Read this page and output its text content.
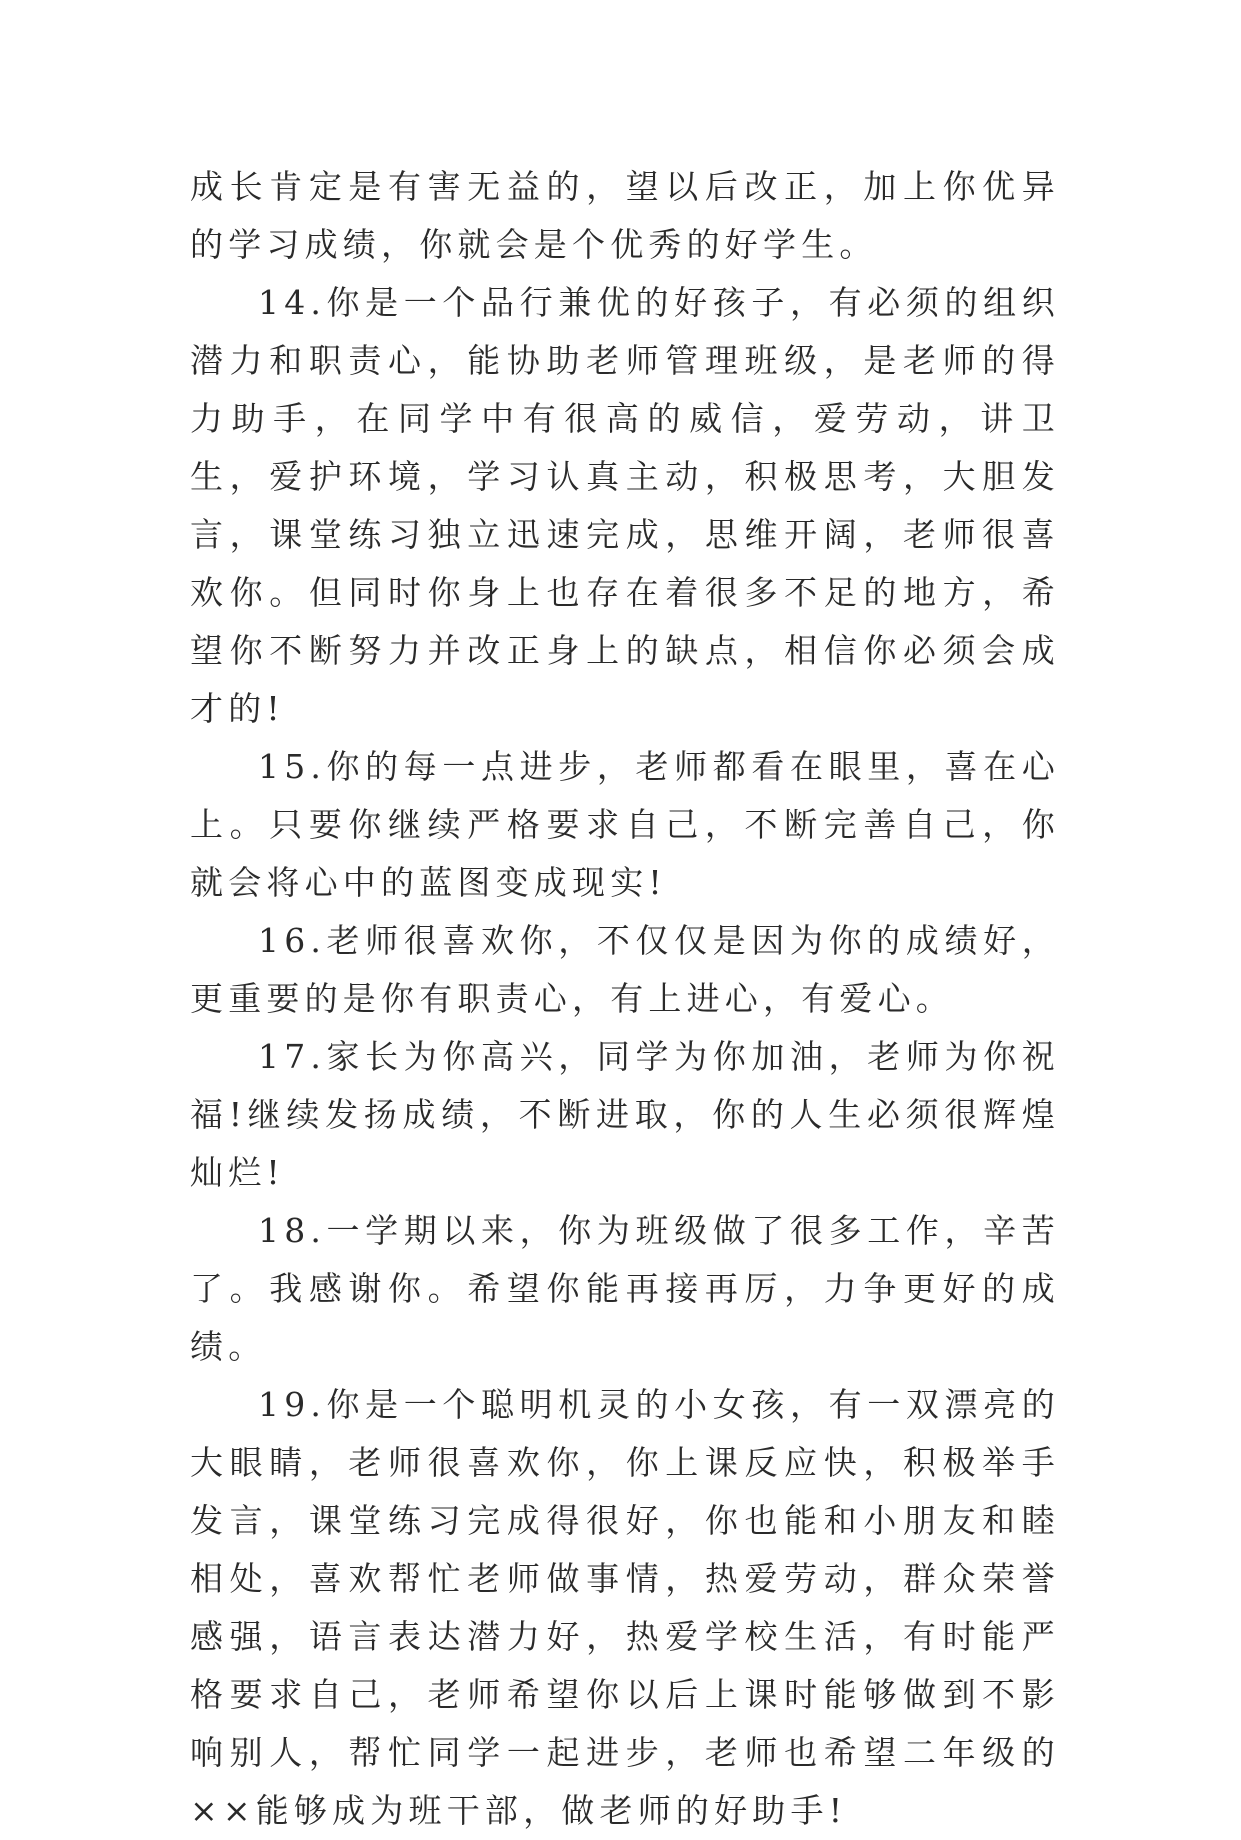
成长肯定是有害无益的，望以后改正，加上你优异的学习成绩，你就会是个优秀的好学生。

14.你是一个品行兼优的好孩子，有必须的组织潜力和职责心，能协助老师管理班级，是老师的得力助手，在同学中有很高的威信，爱劳动，讲卫生，爱护环境，学习认真主动，积极思考，大胆发言，课堂练习独立迅速完成，思维开阔，老师很喜欢你。但同时你身上也存在着很多不足的地方，希望你不断努力并改正身上的缺点，相信你必须会成才的!

15.你的每一点进步，老师都看在眼里，喜在心上。只要你继续严格要求自己，不断完善自己，你就会将心中的蓝图变成现实!

16.老师很喜欢你，不仅仅是因为你的成绩好，更重要的是你有职责心，有上进心，有爱心。

17.家长为你高兴，同学为你加油，老师为你祝福!继续发扬成绩，不断进取，你的人生必须很辉煌灿烂!

18.一学期以来，你为班级做了很多工作，辛苦了。我感谢你。希望你能再接再厉，力争更好的成绩。

19.你是一个聪明机灵的小女孩，有一双漂亮的大眼睛，老师很喜欢你，你上课反应快，积极举手发言，课堂练习完成得很好，你也能和小朋友和睦相处，喜欢帮忙老师做事情，热爱劳动，群众荣誉感强，语言表达潜力好，热爱学校生活，有时能严格要求自己，老师希望你以后上课时能够做到不影响别人，帮忙同学一起进步，老师也希望二年级的××能够成为班干部，做老师的好助手!
